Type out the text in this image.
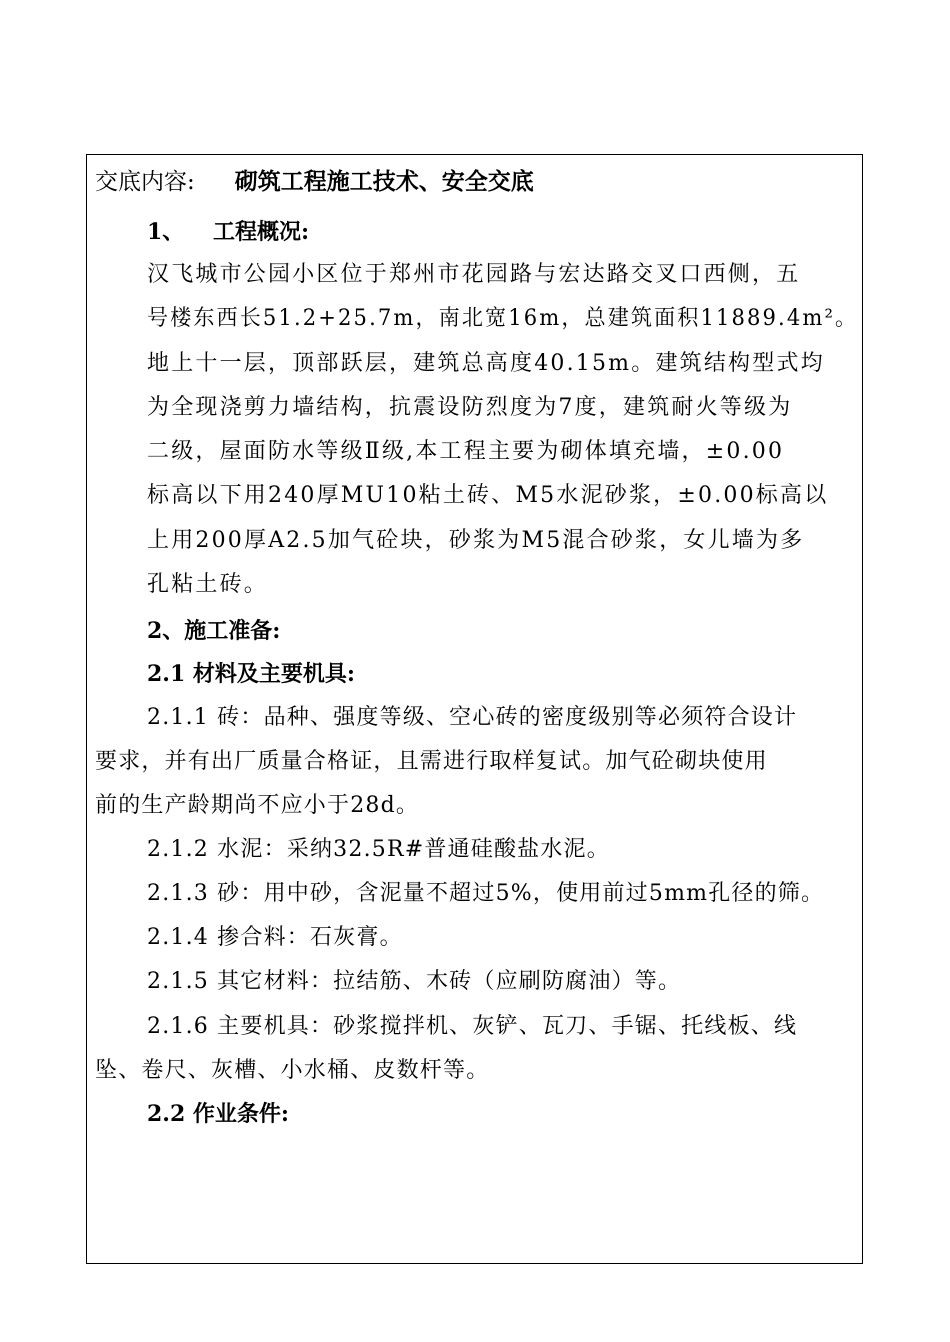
交底内容: 砌筑工程施工技术、安全交底
1、 工程概况:
汉飞城市公园小区位于郑州市花园路与宏达路交叉口西侧，五
号楼东西长51.2+25.7m，南北宽16m，总建筑面积11889.4m²。
地上十一层，顶部跃层，建筑总高度40.15m。建筑结构型式均
为全现浇剪力墙结构，抗震设防烈度为7度，建筑耐火等级为
二级，屋面防水等级Ⅱ级,本工程主要为砌体填充墙，±0.00
标高以下用240厚MU10粘土砖、M5水泥砂浆，±0.00标高以
上用200厚A2.5加气砼块，砂浆为M5混合砂浆，女儿墙为多
孔粘土砖。
2、施工准备:
2.1 材料及主要机具:
2.1.1 砖：品种、强度等级、空心砖的密度级别等必须符合设计
要求，并有出厂质量合格证，且需进行取样复试。加气砼砌块使用
前的生产龄期尚不应小于28d。
2.1.2 水泥：采纳32.5R#普通硅酸盐水泥。
2.1.3 砂：用中砂，含泥量不超过5%，使用前过5mm孔径的筛。
2.1.4 掺合料：石灰膏。
2.1.5 其它材料：拉结筋、木砖（应刷防腐油）等。
2.1.6 主要机具：砂浆搅拌机、灰铲、瓦刀、手锯、托线板、线
坠、卷尺、灰槽、小水桶、皮数杆等。
2.2 作业条件:
